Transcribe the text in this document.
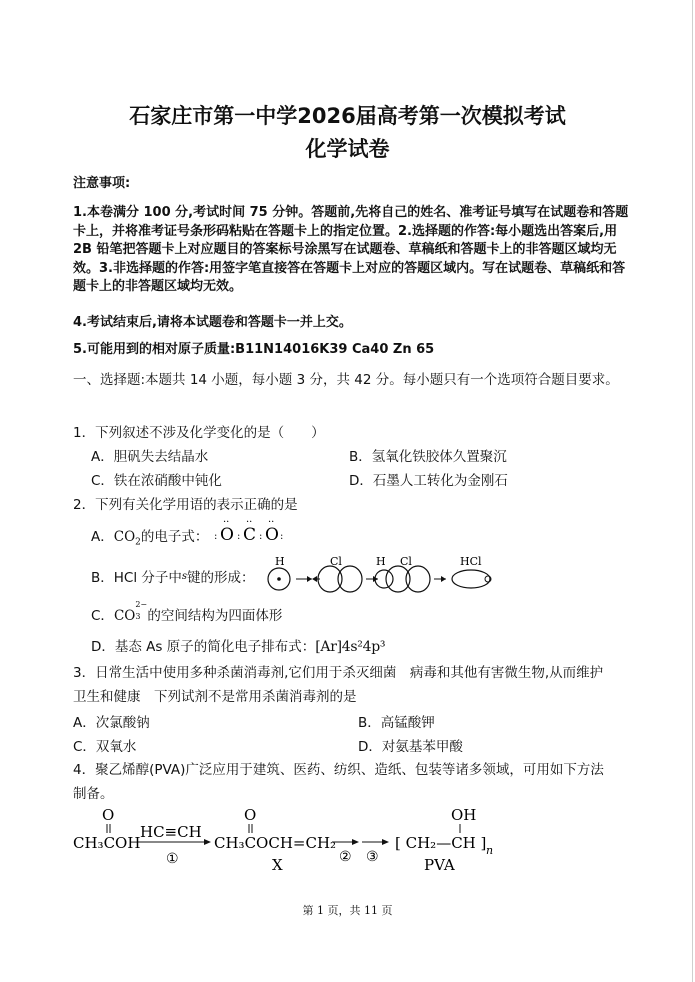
石家庄市第一中学2026届高考第一次模拟考试
化学试卷
注意事项:
1.本卷满分 100 分,考试时间 75 分钟。答题前,先将自己的姓名、准考证号填写在试题卷和答题卡上，并将准考证号条形码粘贴在答题卡上的指定位置。2.选择题的作答:每小题选出答案后,用 2B 铅笔把答题卡上对应题目的答案标号涂黑写在试题卷、草稿纸和答题卡上的非答题区域均无效。3.非选择题的作答:用签字笔直接答在答题卡上对应的答题区域内。写在试题卷、草稿纸和答题卡上的非答题区域均无效。
4.考试结束后,请将本试题卷和答题卡一并上交。
5.可能用到的相对原子质量:B11N14016K39 Ca40 Zn 65
一、选择题:本题共 14 小题，每小题 3 分，共 42 分。每小题只有一个选项符合题目要求。
1．下列叙述不涉及化学变化的是（　　）
A．胆矾失去结晶水	B．氢氧化铁胶体久置聚沉
C．铁在浓硝酸中钝化	D．石墨人工转化为金刚石
2．下列有关化学用语的表示正确的是
A．$CO_2$的电子式： : O
··
: C
··
: O
··
:
B．HCl 分子中$^s$键的形成：
H	Cl	H Cl	HCl
C．CO
2−
3 的空间结构为四面体形
D．基态 As 原子的简化电子排布式：[Ar]4s²4p³
3．日常生活中使用多种杀菌消毒剂,它们用于杀灭细菌　病毒和其他有害微生物,从而维护
卫生和健康　下列试剂不是常用杀菌消毒剂的是
A．次氯酸钠	B．高锰酸钾
C．双氧水	D．对氨基苯甲酸
4．聚乙烯醇(PVA)广泛应用于建筑、医药、纺织、造纸、包装等诸多领域，可用如下方法
制备。
O
CH₃COH
HC≡CH
①
O
CH₃COCH=CH₂
X	② ③
OH
[ CH₂—CH ] n
PVA
第 1 页，共 11 页
